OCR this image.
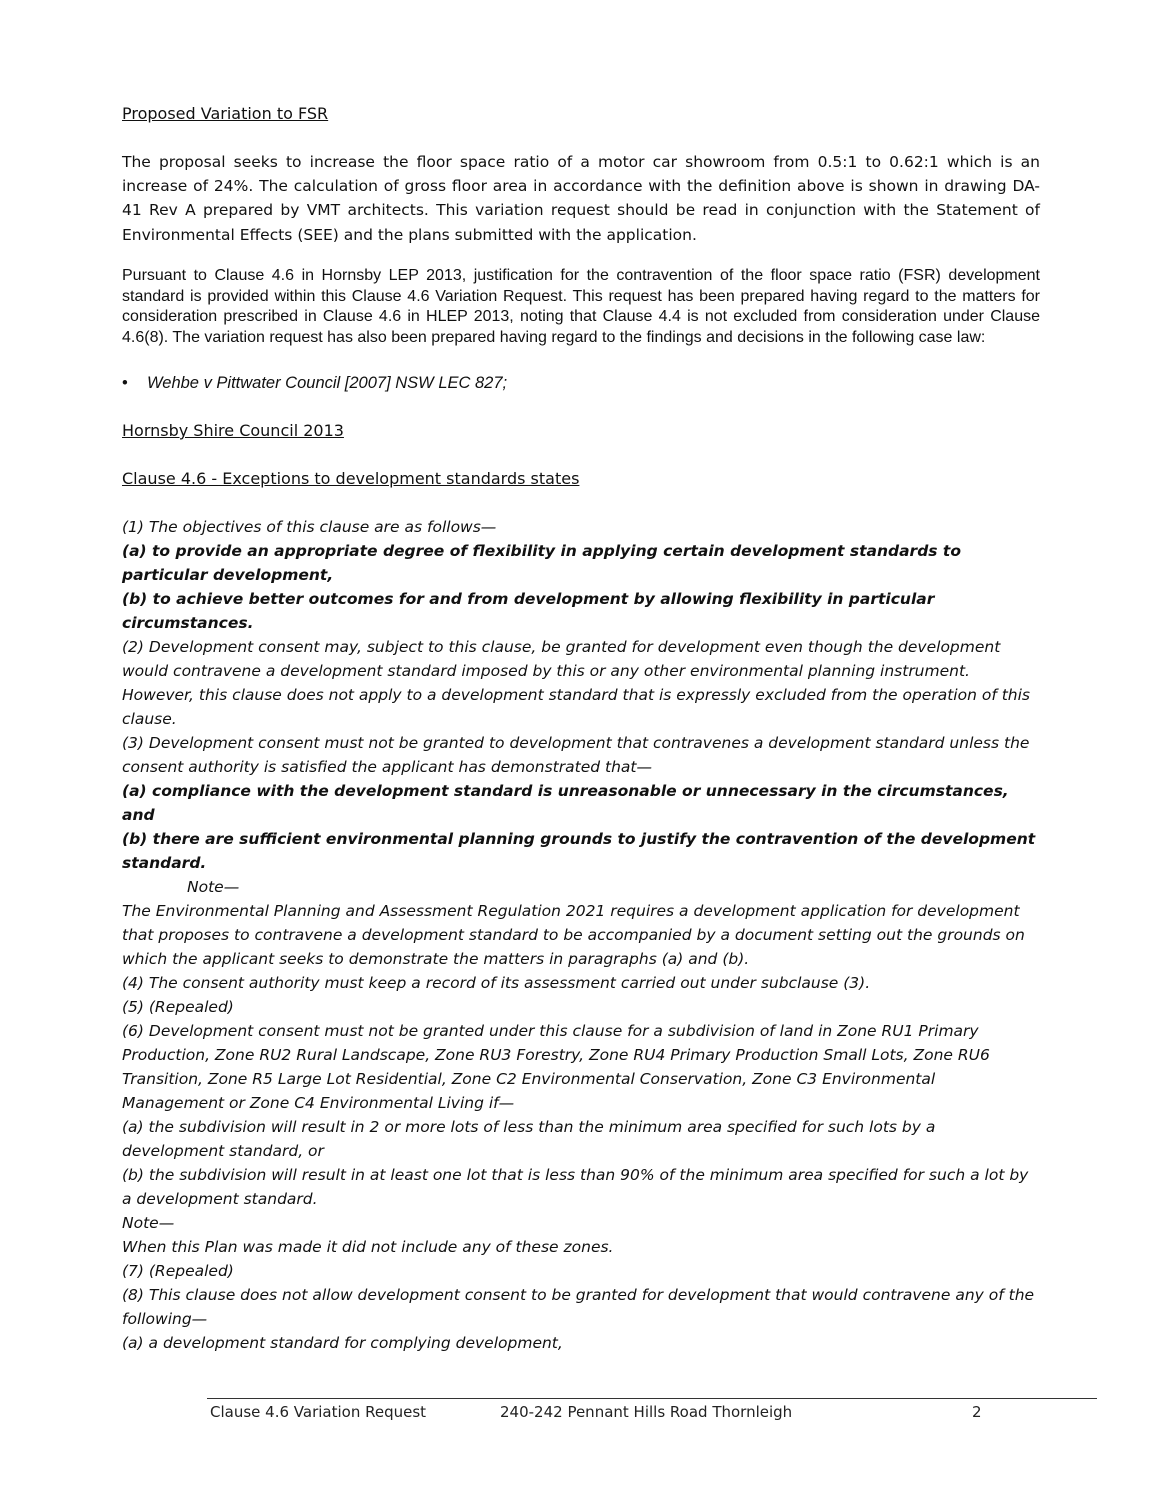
Proposed Variation to FSR

The proposal seeks to increase the floor space ratio of a motor car showroom from 0.5:1 to 0.62:1 which is an increase of 24%. The calculation of gross floor area in accordance with the definition above is shown in drawing DA-41 Rev A prepared by VMT architects. This variation request should be read in conjunction with the Statement of Environmental Effects (SEE) and the plans submitted with the application.

Pursuant to Clause 4.6 in Hornsby LEP 2013, justification for the contravention of the floor space ratio (FSR) development standard is provided within this Clause 4.6 Variation Request. This request has been prepared having regard to the matters for consideration prescribed in Clause 4.6 in HLEP 2013, noting that Clause 4.4 is not excluded from consideration under Clause 4.6(8). The variation request has also been prepared having regard to the findings and decisions in the following case law:

• Wehbe v Pittwater Council [2007] NSW LEC 827;

Hornsby Shire Council 2013

Clause 4.6 - Exceptions to development standards states

(1) The objectives of this clause are as follows—

(a) to provide an appropriate degree of flexibility in applying certain development standards to particular development,

(b) to achieve better outcomes for and from development by allowing flexibility in particular circumstances.

(2) Development consent may, subject to this clause, be granted for development even though the development would contravene a development standard imposed by this or any other environmental planning instrument. However, this clause does not apply to a development standard that is expressly excluded from the operation of this clause.

(3) Development consent must not be granted to development that contravenes a development standard unless the consent authority is satisfied the applicant has demonstrated that—

(a) compliance with the development standard is unreasonable or unnecessary in the circumstances, and

(b) there are sufficient environmental planning grounds to justify the contravention of the development standard.

Note—

The Environmental Planning and Assessment Regulation 2021 requires a development application for development that proposes to contravene a development standard to be accompanied by a document setting out the grounds on which the applicant seeks to demonstrate the matters in paragraphs (a) and (b).

(4) The consent authority must keep a record of its assessment carried out under subclause (3).

(5) (Repealed)

(6) Development consent must not be granted under this clause for a subdivision of land in Zone RU1 Primary Production, Zone RU2 Rural Landscape, Zone RU3 Forestry, Zone RU4 Primary Production Small Lots, Zone RU6 Transition, Zone R5 Large Lot Residential, Zone C2 Environmental Conservation, Zone C3 Environmental Management or Zone C4 Environmental Living if—

(a) the subdivision will result in 2 or more lots of less than the minimum area specified for such lots by a development standard, or

(b) the subdivision will result in at least one lot that is less than 90% of the minimum area specified for such a lot by a development standard.

Note—

When this Plan was made it did not include any of these zones.

(7) (Repealed)

(8) This clause does not allow development consent to be granted for development that would contravene any of the following—

(a) a development standard for complying development,

Clause 4.6 Variation Request	240-242 Pennant Hills Road Thornleigh	2
